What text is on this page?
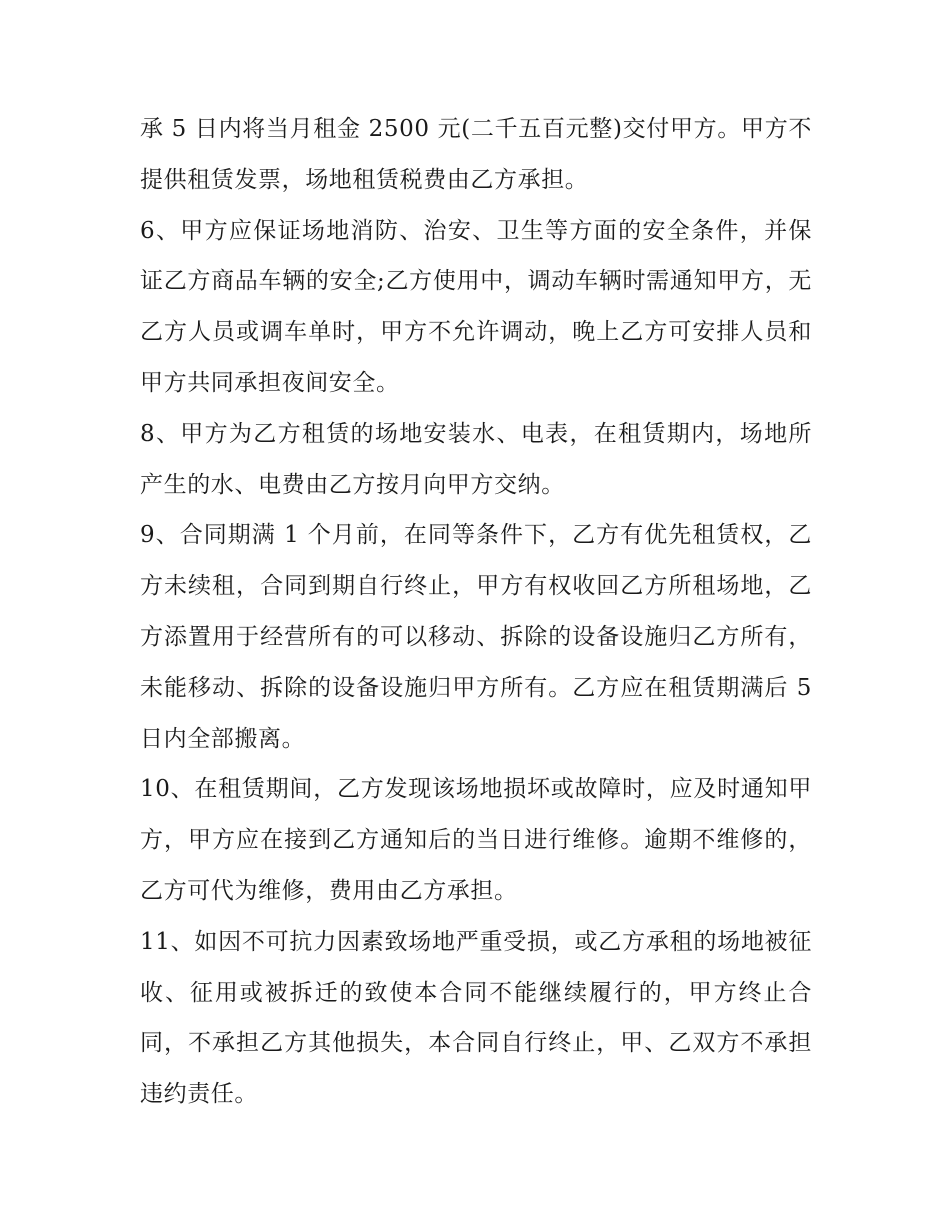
承 5 日内将当月租金 2500 元(二千五百元整)交付甲方。甲方不提供租赁发票，场地租赁税费由乙方承担。

6、甲方应保证场地消防、治安、卫生等方面的安全条件，并保证乙方商品车辆的安全;乙方使用中，调动车辆时需通知甲方，无乙方人员或调车单时，甲方不允许调动，晚上乙方可安排人员和甲方共同承担夜间安全。

8、甲方为乙方租赁的场地安装水、电表，在租赁期内，场地所产生的水、电费由乙方按月向甲方交纳。

9、合同期满 1 个月前，在同等条件下，乙方有优先租赁权，乙方未续租，合同到期自行终止，甲方有权收回乙方所租场地，乙方添置用于经营所有的可以移动、拆除的设备设施归乙方所有，未能移动、拆除的设备设施归甲方所有。乙方应在租赁期满后 5 日内全部搬离。

10、在租赁期间，乙方发现该场地损坏或故障时，应及时通知甲方，甲方应在接到乙方通知后的当日进行维修。逾期不维修的，乙方可代为维修，费用由乙方承担。

11、如因不可抗力因素致场地严重受损，或乙方承租的场地被征收、征用或被拆迁的致使本合同不能继续履行的，甲方终止合同，不承担乙方其他损失，本合同自行终止，甲、乙双方不承担违约责任。
